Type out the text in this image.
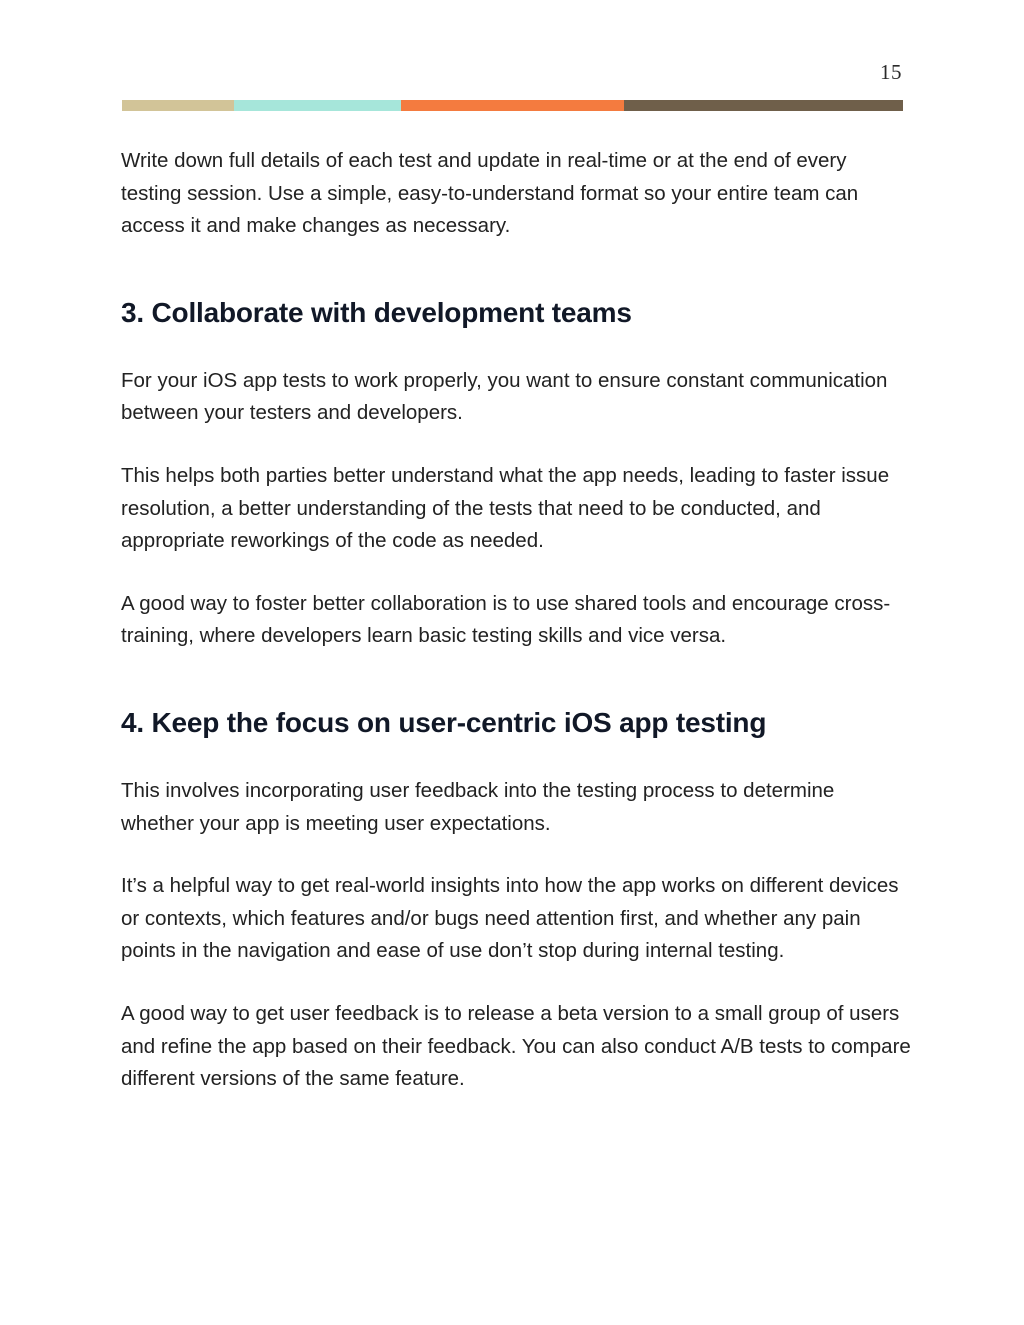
15

Write down full details of each test and update in real-time or at the end of every testing session. Use a simple, easy-to-understand format so your entire team can access it and make changes as necessary.

3. Collaborate with development teams

For your iOS app tests to work properly, you want to ensure constant communication between your testers and developers.

This helps both parties better understand what the app needs, leading to faster issue resolution, a better understanding of the tests that need to be conducted, and appropriate reworkings of the code as needed.

A good way to foster better collaboration is to use shared tools and encourage cross-training, where developers learn basic testing skills and vice versa.

4. Keep the focus on user-centric iOS app testing

This involves incorporating user feedback into the testing process to determine whether your app is meeting user expectations.

It’s a helpful way to get real-world insights into how the app works on different devices or contexts, which features and/or bugs need attention first, and whether any pain points in the navigation and ease of use don’t stop during internal testing.

A good way to get user feedback is to release a beta version to a small group of users and refine the app based on their feedback. You can also conduct A/B tests to compare different versions of the same feature.
